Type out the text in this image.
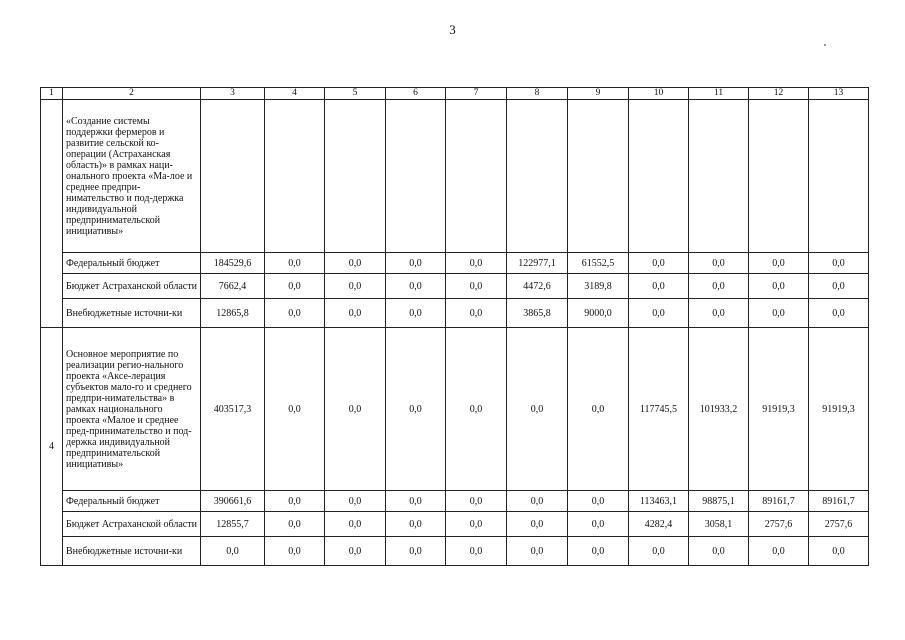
3
1	2	3	4	5	6	7	8	9	10	11	12	13
	«Создание системы поддержки фермеров и развитие сельской ко-операции (Астраханская область)» в рамках наци-онального проекта «Ма-лое и среднее предпри-нимательство и под-держка индивидуальной предпринимательской инициативы»											
	Федеральный бюджет	184529,6	0,0	0,0	0,0	0,0	122977,1	61552,5	0,0	0,0	0,0	0,0
	Бюджет Астраханской области	7662,4	0,0	0,0	0,0	0,0	4472,6	3189,8	0,0	0,0	0,0	0,0
	Внебюджетные источни-ки	12865,8	0,0	0,0	0,0	0,0	3865,8	9000,0	0,0	0,0	0,0	0,0
4	Основное мероприятие по реализации регио-нального проекта «Аксе-лерация субъектов мало-го и среднего предпри-нимательства» в рамках национального проекта «Малое и среднее пред-принимательство и под-держка индивидуальной предпринимательской инициативы»	403517,3	0,0	0,0	0,0	0,0	0,0	0,0	117745,5	101933,2	91919,3	91919,3
	Федеральный бюджет	390661,6	0,0	0,0	0,0	0,0	0,0	0,0	113463,1	98875,1	89161,7	89161,7
	Бюджет Астраханской области	12855,7	0,0	0,0	0,0	0,0	0,0	0,0	4282,4	3058,1	2757,6	2757,6
	Внебюджетные источни-ки	0,0	0,0	0,0	0,0	0,0	0,0	0,0	0,0	0,0	0,0	0,0
